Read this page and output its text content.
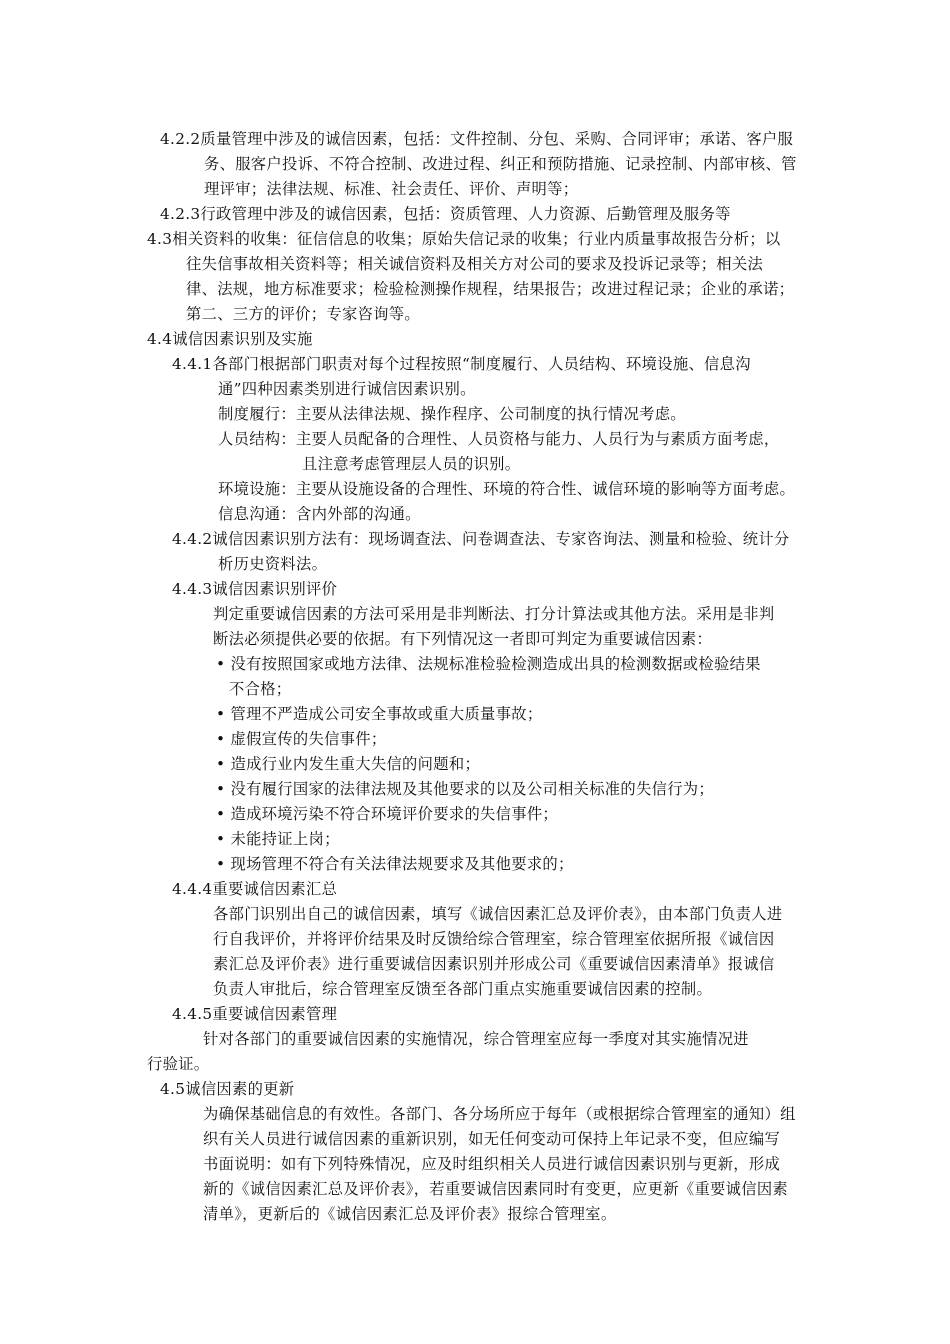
4.2.2质量管理中涉及的诚信因素，包括：文件控制、分包、采购、合同评审；承诺、客户服
务、服客户投诉、不符合控制、改进过程、纠正和预防措施、记录控制、内部审核、管
理评审；法律法规、标准、社会责任、评价、声明等；
4.2.3行政管理中涉及的诚信因素，包括：资质管理、人力资源、后勤管理及服务等
4.3相关资料的收集：征信信息的收集；原始失信记录的收集；行业内质量事故报告分析；以
往失信事故相关资料等；相关诚信资料及相关方对公司的要求及投诉记录等；相关法
律、法规，地方标准要求；检验检测操作规程，结果报告；改进过程记录；企业的承诺；
第二、三方的评价；专家咨询等。
4.4诚信因素识别及实施
4.4.1各部门根据部门职责对每个过程按照“制度履行、人员结构、环境设施、信息沟
通”四种因素类别进行诚信因素识别。
制度履行：主要从法律法规、操作程序、公司制度的执行情况考虑。
人员结构：主要人员配备的合理性、人员资格与能力、人员行为与素质方面考虑，
且注意考虑管理层人员的识别。
环境设施：主要从设施设备的合理性、环境的符合性、诚信环境的影响等方面考虑。
信息沟通：含内外部的沟通。
4.4.2诚信因素识别方法有：现场调查法、问卷调查法、专家咨询法、测量和检验、统计分
析历史资料法。
4.4.3诚信因素识别评价
判定重要诚信因素的方法可采用是非判断法、打分计算法或其他方法。采用是非判
断法必须提供必要的依据。有下列情况这一者即可判定为重要诚信因素：
• 没有按照国家或地方法律、法规标准检验检测造成出具的检测数据或检验结果
不合格；
• 管理不严造成公司安全事故或重大质量事故；
• 虚假宣传的失信事件；
• 造成行业内发生重大失信的问题和；
• 没有履行国家的法律法规及其他要求的以及公司相关标准的失信行为；
• 造成环境污染不符合环境评价要求的失信事件；
• 未能持证上岗；
• 现场管理不符合有关法律法规要求及其他要求的；
4.4.4重要诚信因素汇总
各部门识别出自己的诚信因素，填写《诚信因素汇总及评价表》，由本部门负责人进
行自我评价，并将评价结果及时反馈给综合管理室，综合管理室依据所报《诚信因
素汇总及评价表》进行重要诚信因素识别并形成公司《重要诚信因素清单》报诚信
负责人审批后，综合管理室反馈至各部门重点实施重要诚信因素的控制。
4.4.5重要诚信因素管理
针对各部门的重要诚信因素的实施情况，综合管理室应每一季度对其实施情况进
行验证。
4.5诚信因素的更新
为确保基础信息的有效性。各部门、各分场所应于每年（或根据综合管理室的通知）组
织有关人员进行诚信因素的重新识别，如无任何变动可保持上年记录不变，但应编写
书面说明：如有下列特殊情况，应及时组织相关人员进行诚信因素识别与更新，形成
新的《诚信因素汇总及评价表》，若重要诚信因素同时有变更，应更新《重要诚信因素
清单》，更新后的《诚信因素汇总及评价表》报综合管理室。
